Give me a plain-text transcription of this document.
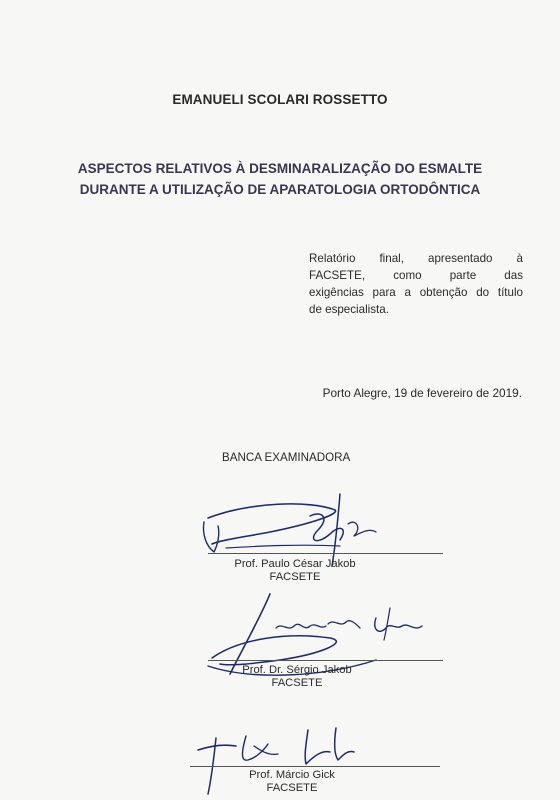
EMANUELI SCOLARI ROSSETTO
ASPECTOS RELATIVOS À DESMINARALIZAÇÃO DO ESMALTE
DURANTE A UTILIZAÇÃO DE APARATOLOGIA ORTODÔNTICA
Relatório final, apresentado à
FACSETE, como parte das
exigências para a obtenção do título
de especialista.
Porto Alegre, 19 de fevereiro de 2019.
BANCA EXAMINADORA
Prof. Paulo César Jakob
FACSETE
Prof. Dr. Sérgio Jakob
FACSETE
Prof. Márcio Gick
FACSETE
